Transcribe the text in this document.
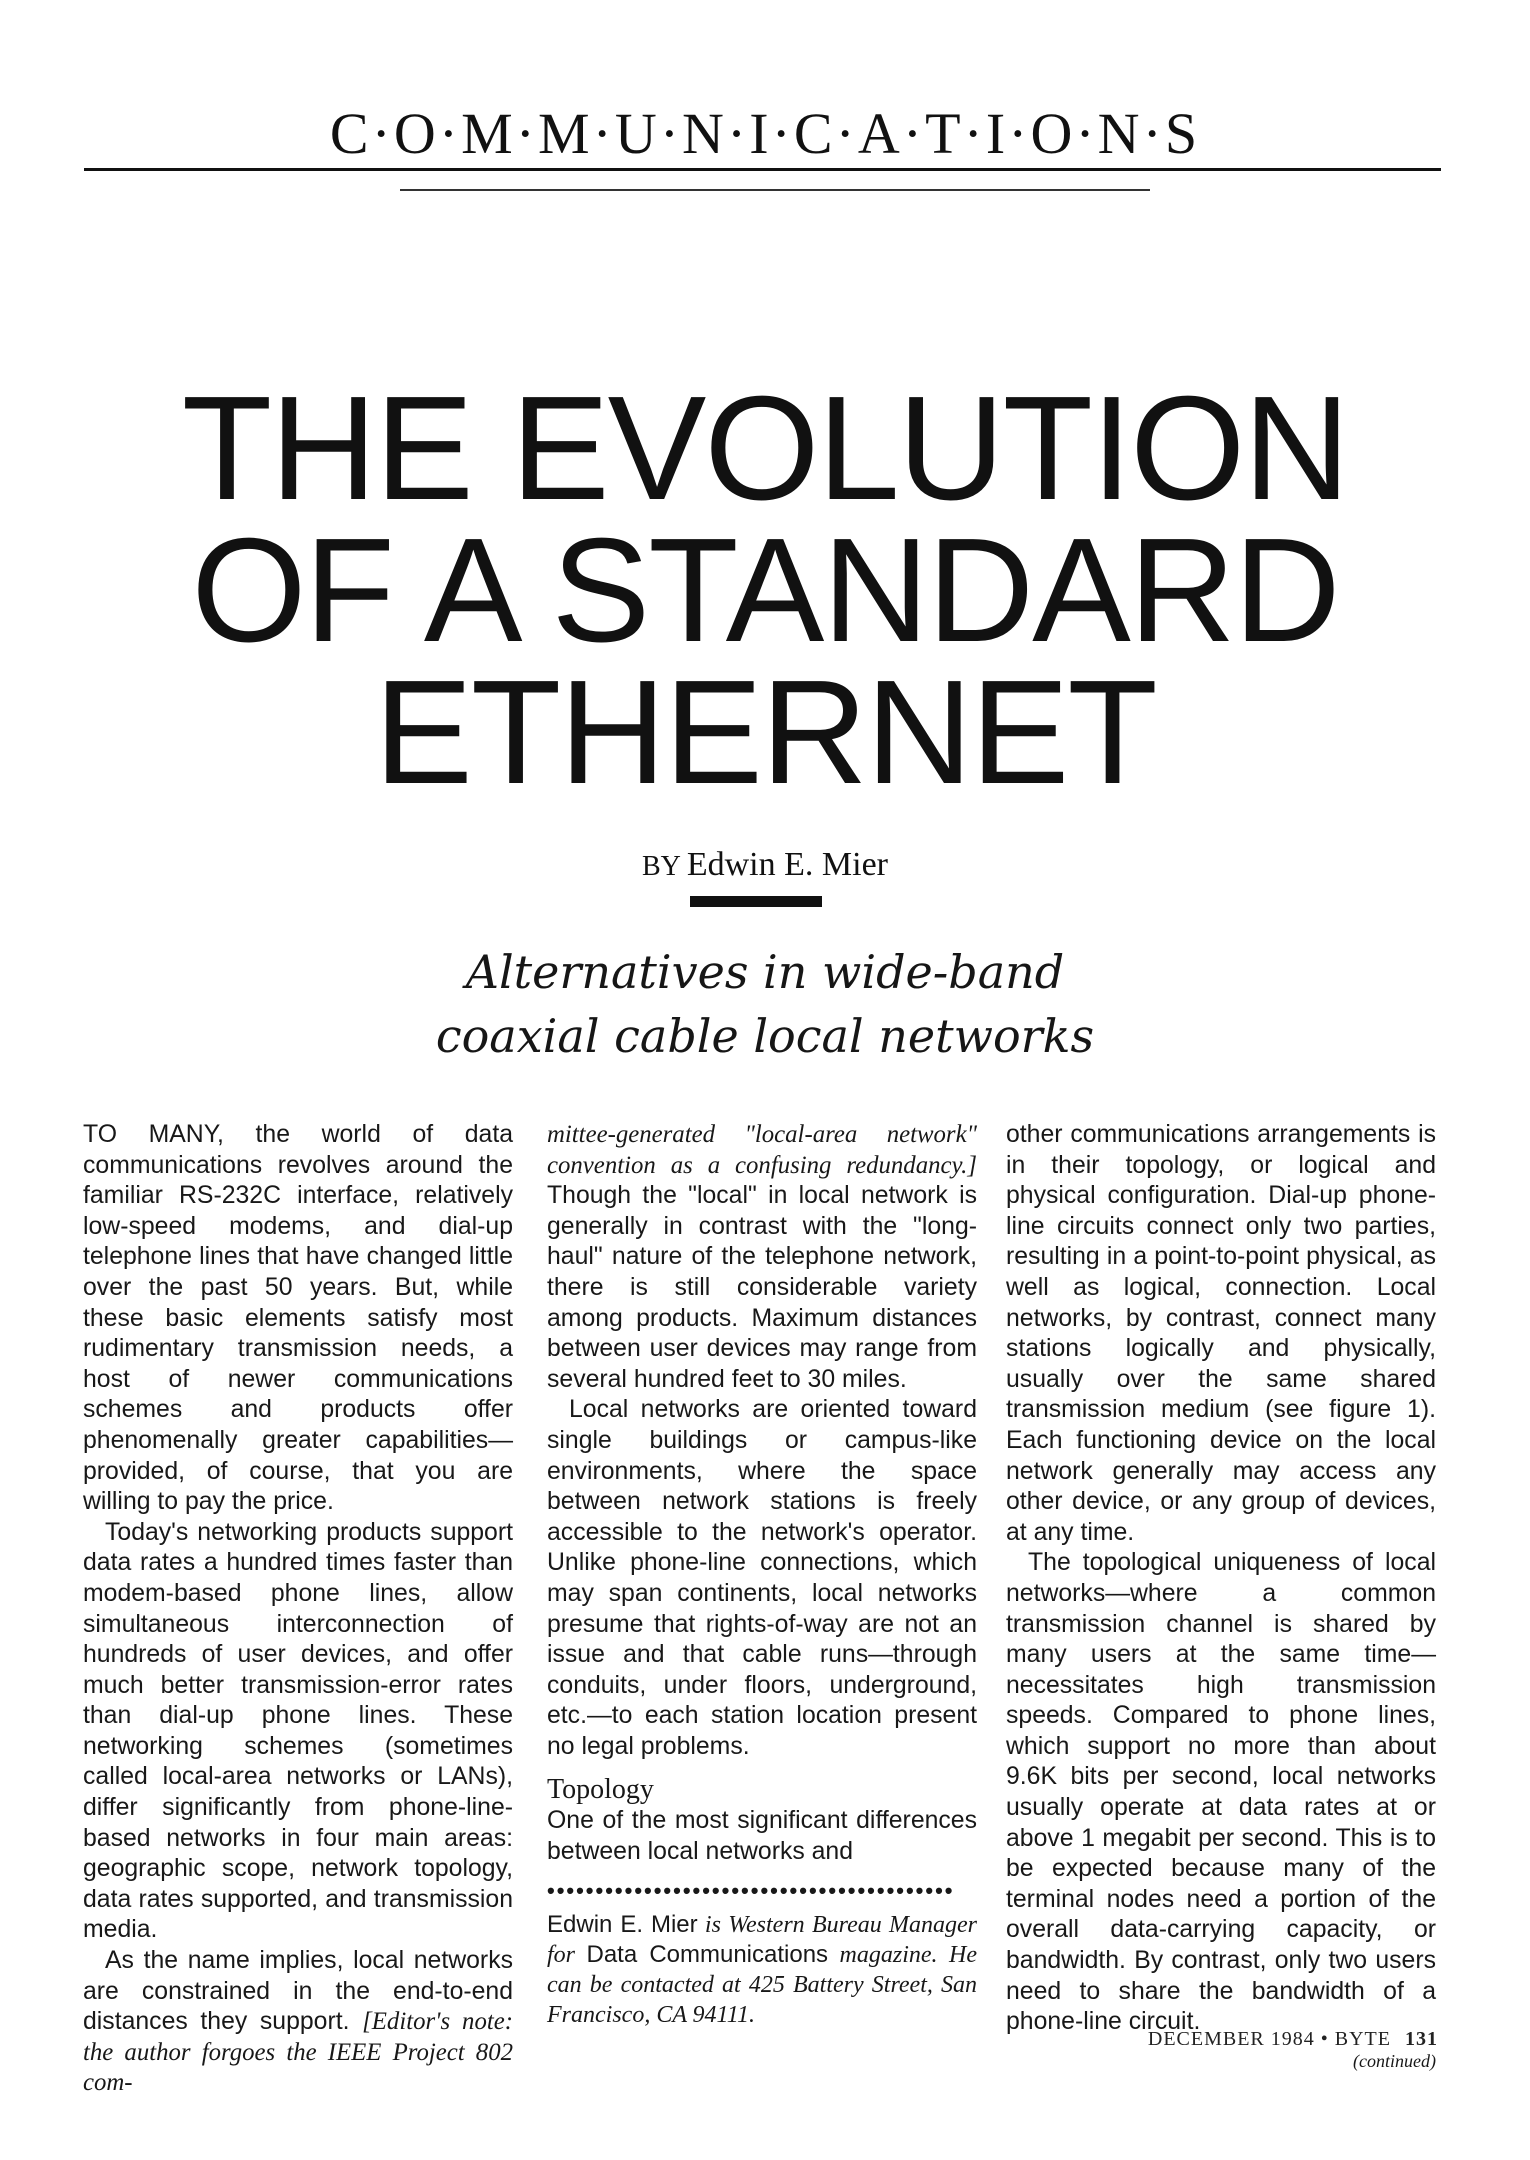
C·O·M·M·U·N·I·C·A·T·I·O·N·S
THE EVOLUTION
OF A STANDARD
ETHERNET
BY Edwin E. Mier
Alternatives in wide-band
coaxial cable local networks

TO MANY, the world of data communications revolves around the familiar RS-232C interface, relatively low-speed modems, and dial-up telephone lines that have changed little over the past 50 years. But, while these basic elements satisfy most rudimentary transmission needs, a host of newer communications schemes and products offer phenomenally greater capabilities—provided, of course, that you are willing to pay the price.

Today's networking products support data rates a hundred times faster than modem-based phone lines, allow simultaneous interconnection of hundreds of user devices, and offer much better transmission-error rates than dial-up phone lines. These networking schemes (sometimes called local-area networks or LANs), differ significantly from phone-line-based networks in four main areas: geographic scope, network topology, data rates supported, and transmission media.

As the name implies, local networks are constrained in the end-to-end distances they support. [Editor's note: the author forgoes the IEEE Project 802 com-

mittee-generated "local-area network" convention as a confusing redundancy.] Though the "local" in local network is generally in contrast with the "long-haul" nature of the telephone network, there is still considerable variety among products. Maximum distances between user devices may range from several hundred feet to 30 miles.

Local networks are oriented toward single buildings or campus-like environments, where the space between network stations is freely accessible to the network's operator. Unlike phone-line connections, which may span continents, local networks presume that rights-of-way are not an issue and that cable runs—through conduits, under floors, underground, etc.—to each station location present no legal problems.

Topology

One of the most significant differences between local networks and

••••••••••••••••••••••••••••••••••••••••••

Edwin E. Mier is Western Bureau Manager for Data Communications magazine. He can be contacted at 425 Battery Street, San Francisco, CA 94111.

other communications arrangements is in their topology, or logical and physical configuration. Dial-up phone-line circuits connect only two parties, resulting in a point-to-point physical, as well as logical, connection. Local networks, by contrast, connect many stations logically and physically, usually over the same shared transmission medium (see figure 1). Each functioning device on the local network generally may access any other device, or any group of devices, at any time.

The topological uniqueness of local networks—where a common transmission channel is shared by many users at the same time—necessitates high transmission speeds. Compared to phone lines, which support no more than about 9.6K bits per second, local networks usually operate at data rates at or above 1 megabit per second. This is to be expected because many of the terminal nodes need a portion of the overall data-carrying capacity, or bandwidth. By contrast, only two users need to share the bandwidth of a phone-line circuit.

(continued)
DECEMBER 1984 • BYTE 131
